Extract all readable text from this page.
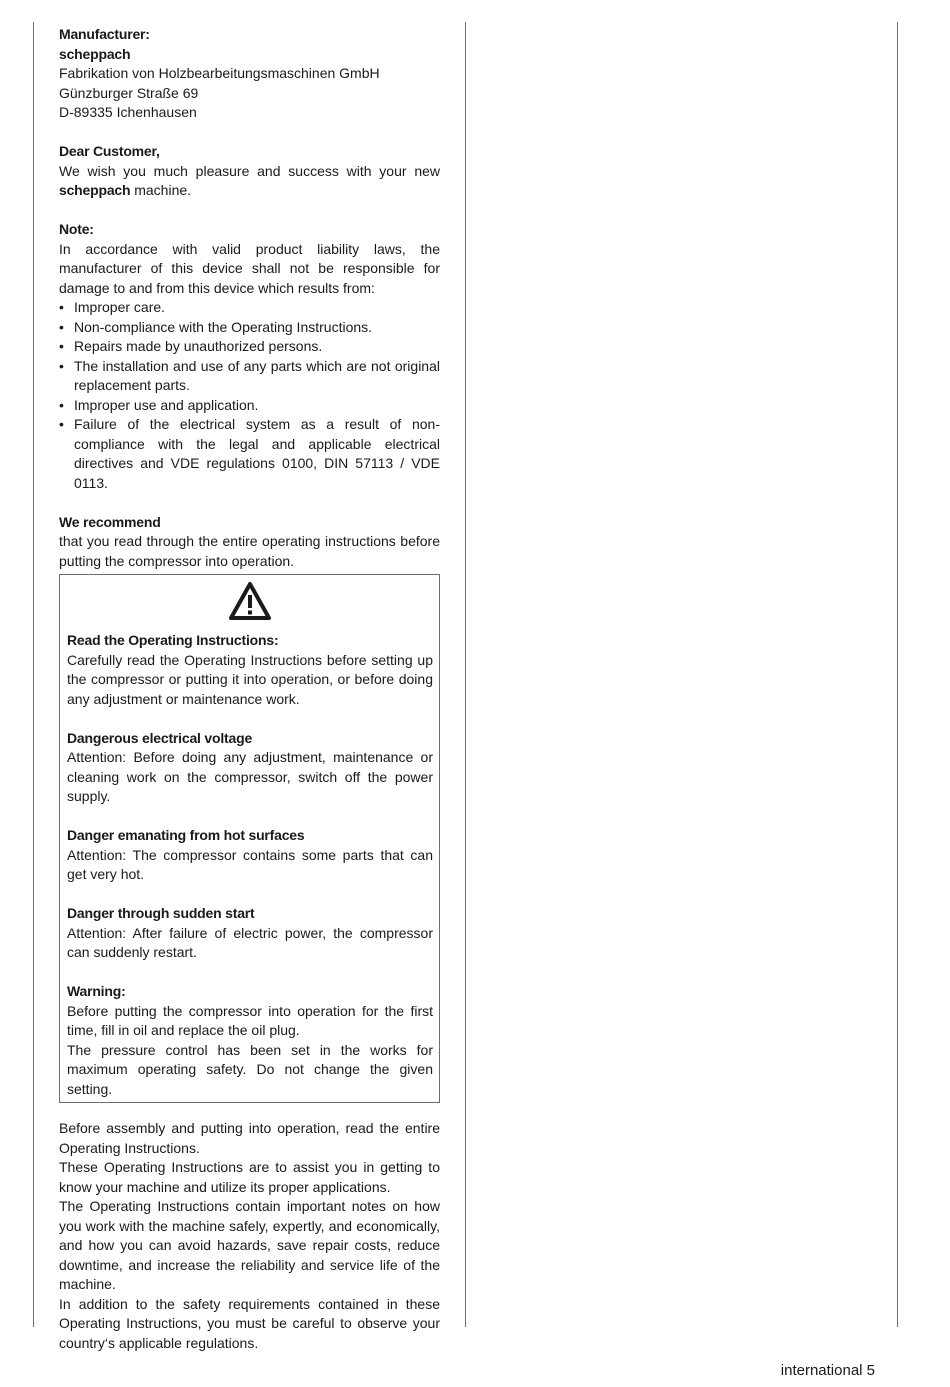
Manufacturer:

scheppach

Fabrikation von Holzbearbeitungsmaschinen GmbH

Günzburger Straße 69

D-89335 Ichenhausen

Dear Customer,

We wish you much pleasure and success with your new scheppach machine.

Note:

In accordance with valid product liability laws, the manufacturer of this device shall not be responsible for damage to and from this device which results from:

• Improper care.
• Non-compliance with the Operating Instructions.
• Repairs made by unauthorized persons.
• The installation and use of any parts which are not original replacement parts.
• Improper use and application.
• Failure of the electrical system as a result of non-compliance with the legal and applicable electrical directives and VDE regulations 0100, DIN 57113 / VDE 0113.

We recommend

that you read through the entire operating instructions before putting the compressor into operation.

Read the Operating Instructions:

Carefully read the Operating Instructions before setting up the compressor or putting it into operation, or before doing any adjustment or maintenance work.

Dangerous electrical voltage

Attention: Before doing any adjustment, maintenance or cleaning work on the compressor, switch off the power supply.

Danger emanating from hot surfaces

Attention: The compressor contains some parts that can get very hot.

Danger through sudden start

Attention: After failure of electric power, the compressor can suddenly restart.

Warning:

Before putting the compressor into operation for the first time, fill in oil and replace the oil plug.

The pressure control has been set in the works for maximum operating safety. Do not change the given setting.

Before assembly and putting into operation, read the entire Operating Instructions.

These Operating Instructions are to assist you in getting to know your machine and utilize its proper applications.

The Operating Instructions contain important notes on how you work with the machine safely, expertly, and economically, and how you can avoid hazards, save repair costs, reduce downtime, and increase the reliability and service life of the machine.

In addition to the safety requirements contained in these Operating Instructions, you must be careful to observe your country‘s applicable regulations.

international 5
